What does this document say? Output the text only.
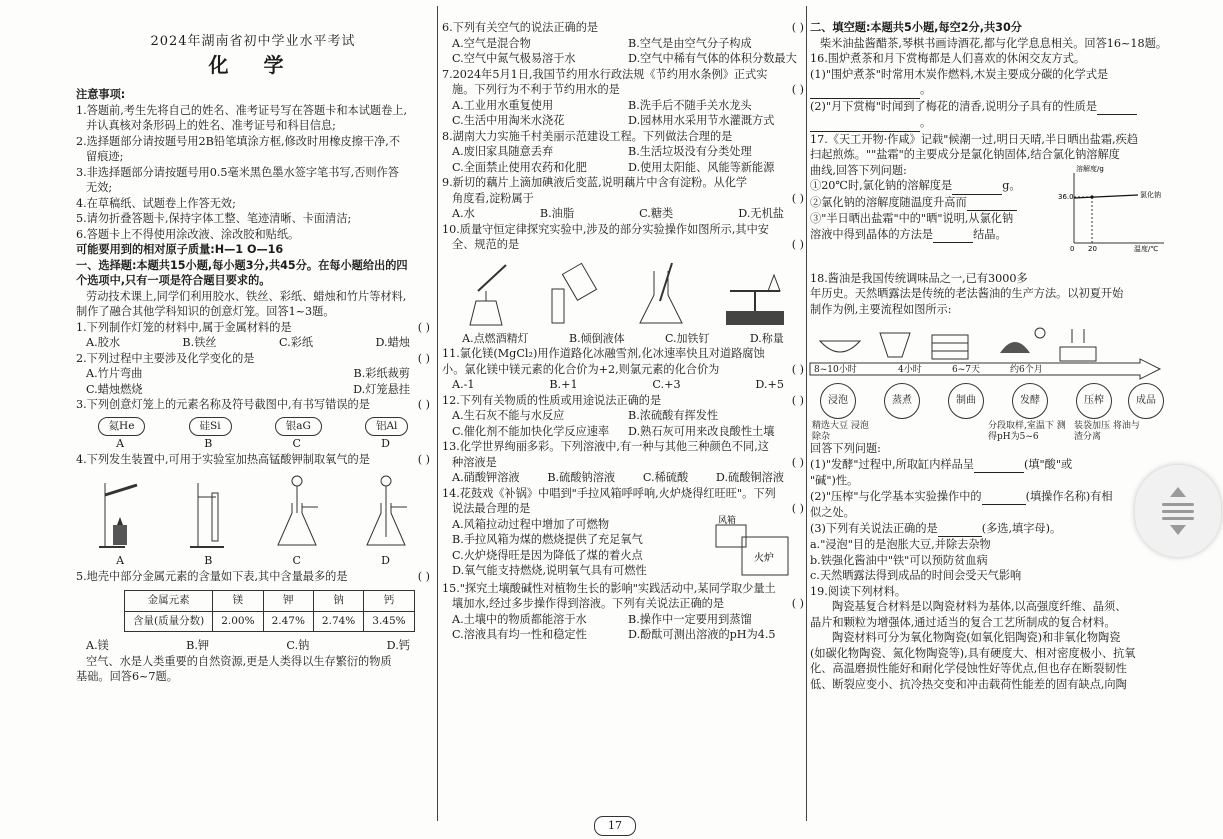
2024年湖南省初中学业水平考试
化 学
注意事项:
1.答题前,考生先将自己的姓名、准考证号写在答题卡和本试题卷上,
并认真核对条形码上的姓名、准考证号和科目信息;
2.选择题部分请按题号用2B铅笔填涂方框,修改时用橡皮擦干净,不
留痕迹;
3.非选择题部分请按题号用0.5毫米黑色墨水签字笔书写,否则作答
无效;
4.在草稿纸、试题卷上作答无效;
5.请勿折叠答题卡,保持字体工整、笔迹清晰、卡面清洁;
6.答题卡上不得使用涂改液、涂改胶和贴纸。
可能要用到的相对原子质量:H—1 O—16
一、选择题:本题共15小题,每小题3分,共45分。在每小题给出的四
个选项中,只有一项是符合题目要求的。
劳动技术课上,同学们利用胶水、铁丝、彩纸、蜡烛和竹片等材料,
制作了融合其他学科知识的创意灯笼。回答1~3题。
1.下列制作灯笼的材料中,属于金属材料的是	( )
A.胶水	B.铁丝	C.彩纸	D.蜡烛
2.下列过程中主要涉及化学变化的是	( )
A.竹片弯曲	B.彩纸裁剪
C.蜡烛燃烧	D.灯笼悬挂
3.下列创意灯笼上的元素名称及符号截图中,有书写错误的是	( )
氦He	硅Si	银aG	铝Al
A	B	C	D
4.下列发生装置中,可用于实验室加热高锰酸钾制取氧气的是	( )
A	B	C	D
5.地壳中部分金属元素的含量如下表,其中含量最多的是	( )
金属元素	镁	钾	钠	钙
含量(质量分数)	2.00%	2.47%	2.74%	3.45%
A.镁	B.钾	C.钠	D.钙
空气、水是人类重要的自然资源,更是人类得以生存繁衍的物质
基础。回答6~7题。
6.下列有关空气的说法正确的是	( )
A.空气是混合物	B.空气是由空气分子构成
C.空气中氮气极易溶于水	D.空气中稀有气体的体积分数最大
7.2024年5月1日,我国节约用水行政法规《节约用水条例》正式实
施。下列行为不利于节约用水的是	( )
A.工业用水重复使用	B.洗手后不随手关水龙头
C.生活中用淘米水浇花	D.园林用水采用节水灌溉方式
8.湖南大力实施千村美丽示范建设工程。下列做法合理的是
A.废旧家具随意丢弃	B.生活垃圾没有分类处理
C.全面禁止使用农药和化肥	D.使用太阳能、风能等新能源
9.新切的藕片上滴加碘液后变蓝,说明藕片中含有淀粉。从化学
角度看,淀粉属于	( )
A.水	B.油脂	C.糖类	D.无机盐
10.质量守恒定律探究实验中,涉及的部分实验操作如图所示,其中安
全、规范的是	( )
A.点燃酒精灯	B.倾倒液体	C.加铁钉	D.称量
11.氯化镁(MgCl₂)用作道路化冰融雪剂,化冰速率快且对道路腐蚀
小。氯化镁中镁元素的化合价为+2,则氯元素的化合价为	( )
A.-1	B.+1	C.+3	D.+5
12.下列有关物质的性质或用途说法正确的是	( )
A.生石灰不能与水反应	B.浓硫酸有挥发性
C.催化剂不能加快化学反应速率	D.熟石灰可用来改良酸性土壤
13.化学世界绚丽多彩。下列溶液中,有一种与其他三种颜色不同,这
种溶液是	( )
A.硝酸钾溶液 B.硫酸钠溶液 C.稀硫酸 D.硫酸铜溶液
14.花鼓戏《补锅》中唱到"手拉风箱呼呼响,火炉烧得红旺旺"。下列
说法最合理的是	( )
A.风箱拉动过程中增加了可燃物
B.手拉风箱为煤的燃烧提供了充足氧气
C.火炉烧得旺是因为降低了煤的着火点
D.氧气能支持燃烧,说明氧气具有可燃性
风箱
火炉
15."探究土壤酸碱性对植物生长的影响"实践活动中,某同学取少量土
壤加水,经过多步操作得到溶液。下列有关说法正确的是	( )
A.土壤中的物质都能溶于水	B.操作中一定要用到蒸馏
C.溶液具有均一性和稳定性	D.酚酞可测出溶液的pH为4.5
二、填空题:本题共5小题,每空2分,共30分
柴米油盐酱醋茶,琴棋书画诗酒花,都与化学息息相关。回答16~18题。
16.围炉煮茶和月下赏梅都是人们喜欢的休闲交友方式。
(1)"围炉煮茶"时常用木炭作燃料,木炭主要成分碳的化学式是
。
(2)"月下赏梅"时闻到了梅花的清香,说明分子具有的性质是
。
17.《天工开物·作咸》记载"候潮一过,明日天晴,半日晒出盐霜,疾趋
扫起煎炼。""盐霜"的主要成分是氯化钠固体,结合氯化钠溶解度
曲线,回答下列问题:
①20℃时,氯化钠的溶解度是	g。
②氯化钠的溶解度随温度升高而
③"半日晒出盐霜"中的"晒"说明,从氯化钠
溶液中得到晶体的方法是	结晶。
溶解度/g
温度/℃
36.0
0 20
氯化钠
18.酱油是我国传统调味品之一,已有3000多
年历史。天然晒露法是传统的老法酱油的生产方法。以初夏开始
制作为例,主要流程如图所示:
8~10小时	4小时	6~7天	约6个月
浸泡	蒸煮	制曲	发酵	压榨	成品
精选大豆 浸泡除杂
分段取样,室温下 测得pH为5~6
装袋加压 将油与渣分离
回答下列问题:
(1)"发酵"过程中,所取缸内样品呈	(填"酸"或
"碱")性。
(2)"压榨"与化学基本实验操作中的	(填操作名称)有相
似之处。
(3)下列有关说法正确的是	(多选,填字母)。
a."浸泡"目的是泡胀大豆,并除去杂物
b.铁强化酱油中"铁"可以预防贫血病
c.天然晒露法得到成品的时间会受天气影响
19.阅读下列材料。
陶瓷基复合材料是以陶瓷材料为基体,以高强度纤维、晶须、
晶片和颗粒为增强体,通过适当的复合工艺所制成的复合材料。
陶瓷材料可分为氧化物陶瓷(如氧化铝陶瓷)和非氧化物陶瓷
(如碳化物陶瓷、氮化物陶瓷等),具有硬度大、相对密度极小、抗氧
化、高温磨损性能好和耐化学侵蚀性好等优点,但也存在断裂韧性
低、断裂应变小、抗冷热交变和冲击载荷性能差的固有缺点,向陶
17
